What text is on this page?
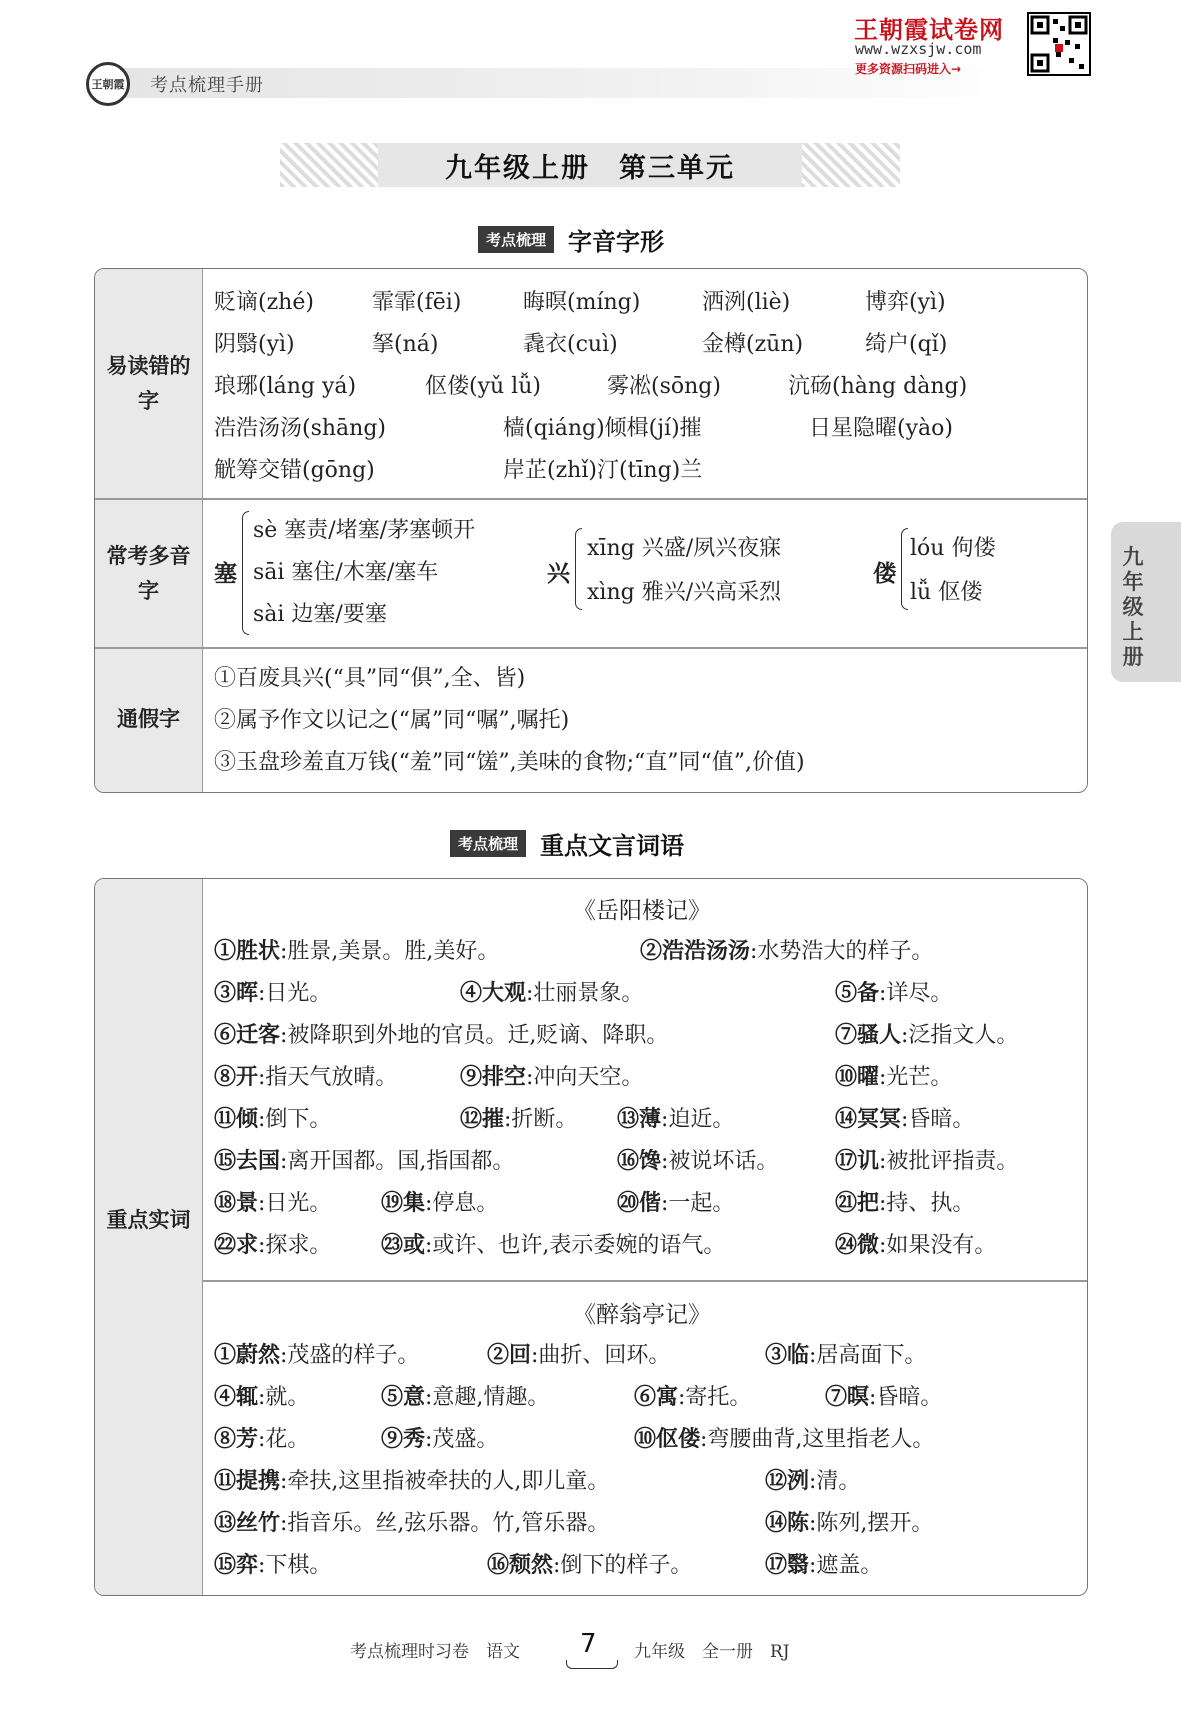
王朝霞	考点梳理手册
王朝霞试卷网
www.wzxsjw.com
更多资源扫码进入→
九年级上册　第三单元
九年级上册
考点梳理 字音字形
易读错的字
贬谪(zhé)	霏霏(fēi)	晦暝(míng)	洒洌(liè)	博弈(yì)
阴翳(yì)	拏(ná)	毳衣(cuì)	金樽(zūn)	绮户(qǐ)
琅琊(láng yá)	伛偻(yǔ lǚ)	雾凇(sōng)	沆砀(hàng dàng)
浩浩汤汤(shāng)	樯(qiáng)倾楫(jí)摧	日星隐曜(yào)
觥筹交错(gōng)	岸芷(zhǐ)汀(tīng)兰
常考多音字
塞
sè 塞责/堵塞/茅塞顿开
sāi 塞住/木塞/塞车
sài 边塞/要塞
兴
xīng 兴盛/夙兴夜寐
xìng 雅兴/兴高采烈
偻
lóu 佝偻
lǚ 伛偻
通假字
①百废具兴(“具”同“俱”,全、皆)
②属予作文以记之(“属”同“嘱”,嘱托)
③玉盘珍羞直万钱(“羞”同“馐”,美味的食物;“直”同“值”,价值)
考点梳理 重点文言词语
重点实词
《岳阳楼记》
①胜状:胜景,美景。胜,美好。	②浩浩汤汤:水势浩大的样子。
③晖:日光。	④大观:壮丽景象。	⑤备:详尽。
⑥迁客:被降职到外地的官员。迁,贬谪、降职。	⑦骚人:泛指文人。
⑧开:指天气放晴。	⑨排空:冲向天空。	⑩曜:光芒。
⑪倾:倒下。	⑫摧:折断。 ⑬薄:迫近。	⑭冥冥:昏暗。
⑮去国:离开国都。国,指国都。	⑯馋:被说坏话。	⑰讥:被批评指责。
⑱景:日光。 ⑲集:停息。	⑳偕:一起。	㉑把:持、执。
㉒求:探求。 ㉓或:或许、也许,表示委婉的语气。	㉔微:如果没有。
《醉翁亭记》
①蔚然:茂盛的样子。	②回:曲折、回环。	③临:居高面下。
④辄:就。	⑤意:意趣,情趣。	⑥寓:寄托。	⑦暝:昏暗。
⑧芳:花。	⑨秀:茂盛。	⑩伛偻:弯腰曲背,这里指老人。
⑪提携:牵扶,这里指被牵扶的人,即儿童。	⑫洌:清。
⑬丝竹:指音乐。丝,弦乐器。竹,管乐器。	⑭陈:陈列,摆开。
⑮弈:下棋。	⑯颓然:倒下的样子。	⑰翳:遮盖。
考点梳理时习卷　语文 7 九年级　全一册　RJ
